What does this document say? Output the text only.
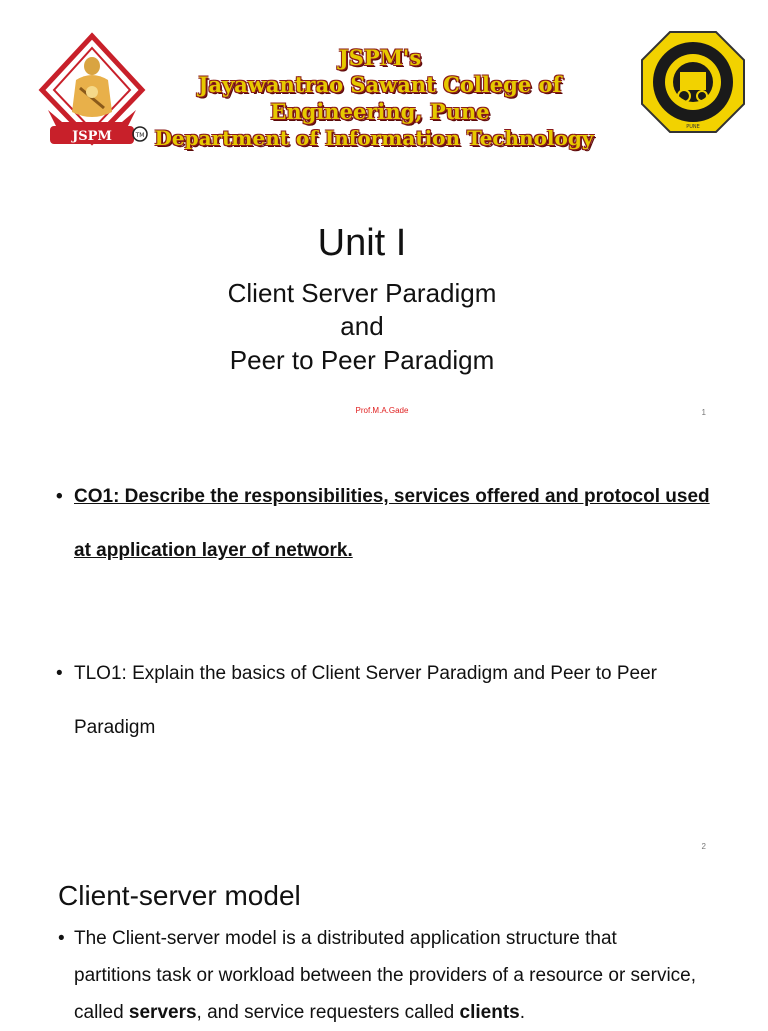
JSPM	TM
JSPM's
Jayawantrao Sawant College of
Engineering, Pune
Department of Information Technology	PUNE
Unit I
Client Server Paradigm
and
Peer to Peer Paradigm
Prof.M.A.Gade	1
• CO1: Describe the responsibilities, services offered and protocol used at application layer of network.
• TLO1: Explain the basics of Client Server Paradigm and Peer to Peer Paradigm
2
Client-server model
• The Client-server model is a distributed application structure that partitions task or workload between the providers of a resource or service, called servers, and service requesters called clients.
